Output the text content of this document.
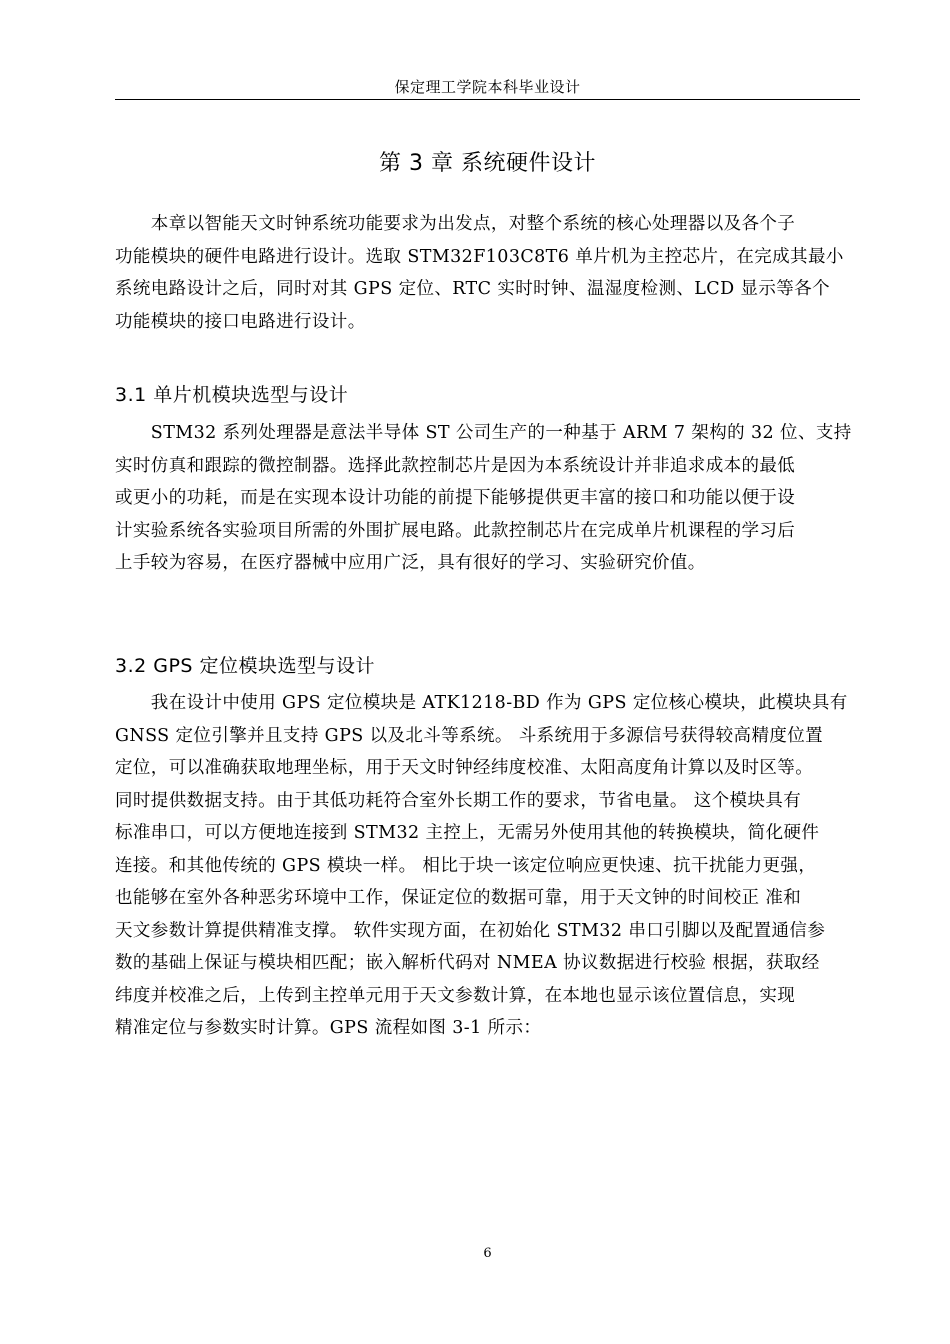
保定理工学院本科毕业设计
第 3 章 系统硬件设计

　　本章以智能天文时钟系统功能要求为出发点，对整个系统的核心处理器以及各个子
功能模块的硬件电路进行设计。选取 STM32F103C8T6 单片机为主控芯片，在完成其最小
系统电路设计之后，同时对其 GPS 定位、RTC 实时时钟、温湿度检测、LCD 显示等各个
功能模块的接口电路进行设计。

3.1 单片机模块选型与设计

　　STM32 系列处理器是意法半导体 ST 公司生产的一种基于 ARM 7 架构的 32 位、支持
实时仿真和跟踪的微控制器。选择此款控制芯片是因为本系统设计并非追求成本的最低
或更小的功耗，而是在实现本设计功能的前提下能够提供更丰富的接口和功能以便于设
计实验系统各实验项目所需的外围扩展电路。此款控制芯片在完成单片机课程的学习后
上手较为容易，在医疗器械中应用广泛，具有很好的学习、实验研究价值。

3.2 GPS 定位模块选型与设计

　　我在设计中使用 GPS 定位模块是 ATK1218-BD 作为 GPS 定位核心模块，此模块具有
GNSS 定位引擎并且支持 GPS 以及北斗等系统。 斗系统用于多源信号获得较高精度位置
定位，可以准确获取地理坐标，用于天文时钟经纬度校准、太阳高度角计算以及时区等。
同时提供数据支持。由于其低功耗符合室外长期工作的要求，节省电量。 这个模块具有
标准串口，可以方便地连接到 STM32 主控上，无需另外使用其他的转换模块，简化硬件
连接。和其他传统的 GPS 模块一样。 相比于块一该定位响应更快速、抗干扰能力更强，
也能够在室外各种恶劣环境中工作，保证定位的数据可靠，用于天文钟的时间校正 准和
天文参数计算提供精准支撑。 软件实现方面，在初始化 STM32 串口引脚以及配置通信参
数的基础上保证与模块相匹配；嵌入解析代码对 NMEA 协议数据进行校验 根据，获取经
纬度并校准之后，上传到主控单元用于天文参数计算，在本地也显示该位置信息，实现
精准定位与参数实时计算。GPS 流程如图 3-1 所示：

6
